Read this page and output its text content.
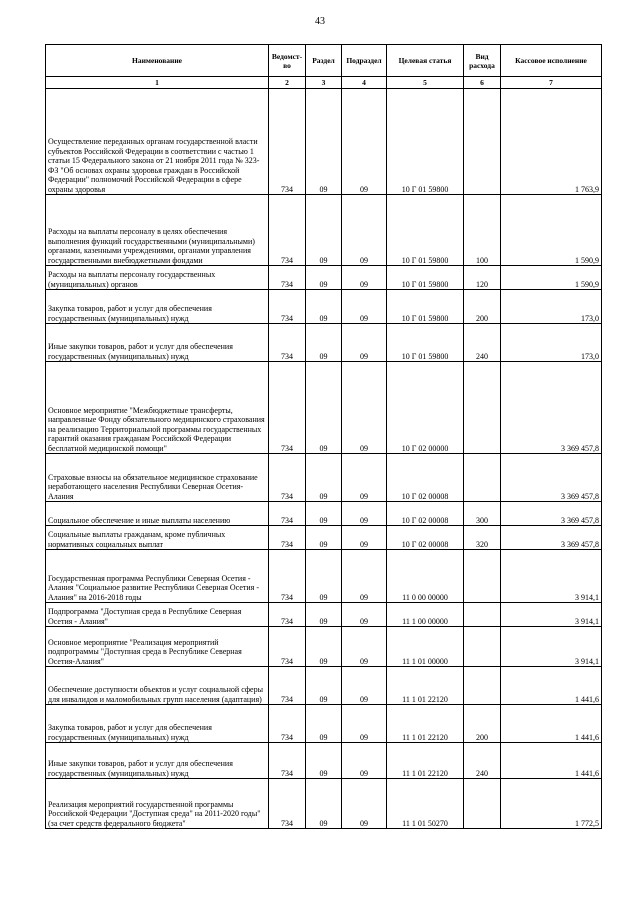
43
Наименование	Ведомст-во	Раздел	Подраздел	Целевая статья	Вид расхода	Кассовое исполнение
1	2	3	4	5	6	7
Осуществление переданных органам государственной власти субъектов Российской Федерации в соответствии с частью 1 статьи 15 Федерального закона от 21 ноября 2011 года № 323-ФЗ "Об основах охраны здоровья граждан в Российской Федерации" полномочий Российской Федерации в сфере охраны здоровья	734	09	09	10 Г 01 59800		1 763,9
Расходы на выплаты персоналу в целях обеспечения выполнения функций государственными (муниципальными) органами, казенными учреждениями, органами управления государственными внебюджетными фондами	734	09	09	10 Г 01 59800	100	1 590,9
Расходы на выплаты персоналу государственных (муниципальных) органов	734	09	09	10 Г 01 59800	120	1 590,9
Закупка товаров, работ и услуг для обеспечения государственных (муниципальных) нужд	734	09	09	10 Г 01 59800	200	173,0
Иные закупки товаров, работ и услуг для обеспечения государственных (муниципальных) нужд	734	09	09	10 Г 01 59800	240	173,0
Основное мероприятие "Межбюджетные трансферты, направленные Фонду обязательного медицинского страхования на реализацию Территориальной программы государственных гарантий оказания гражданам Российской Федерации бесплатной медицинской помощи"	734	09	09	10 Г 02 00000		3 369 457,8
Страховые взносы на обязательное медицинское страхование неработающего населения Республики Северная Осетия-Алания	734	09	09	10 Г 02 00008		3 369 457,8
Социальное обеспечение и иные выплаты населению	734	09	09	10 Г 02 00008	300	3 369 457,8
Социальные выплаты гражданам, кроме публичных нормативных социальных выплат	734	09	09	10 Г 02 00008	320	3 369 457,8
Государственная программа Республики Северная Осетия - Алания "Социальное развитие Республики Северная Осетия - Алания" на 2016-2018 годы	734	09	09	11 0 00 00000		3 914,1
Подпрограмма "Доступная среда в Республике Северная Осетия - Алания"	734	09	09	11 1 00 00000		3 914,1
Основное мероприятие "Реализация мероприятий подпрограммы "Доступная среда в Республике Северная Осетия-Алания"	734	09	09	11 1 01 00000		3 914,1
Обеспечение доступности объектов и услуг социальной сферы для инвалидов и маломобильных групп населения (адаптация)	734	09	09	11 1 01 22120		1 441,6
Закупка товаров, работ и услуг для обеспечения государственных (муниципальных) нужд	734	09	09	11 1 01 22120	200	1 441,6
Иные закупки товаров, работ и услуг для обеспечения государственных (муниципальных) нужд	734	09	09	11 1 01 22120	240	1 441,6
Реализация мероприятий государственной программы Российской Федерации "Доступная среда" на 2011-2020 годы" (за счет средств федерального бюджета"	734	09	09	11 1 01 50270		1 772,5
